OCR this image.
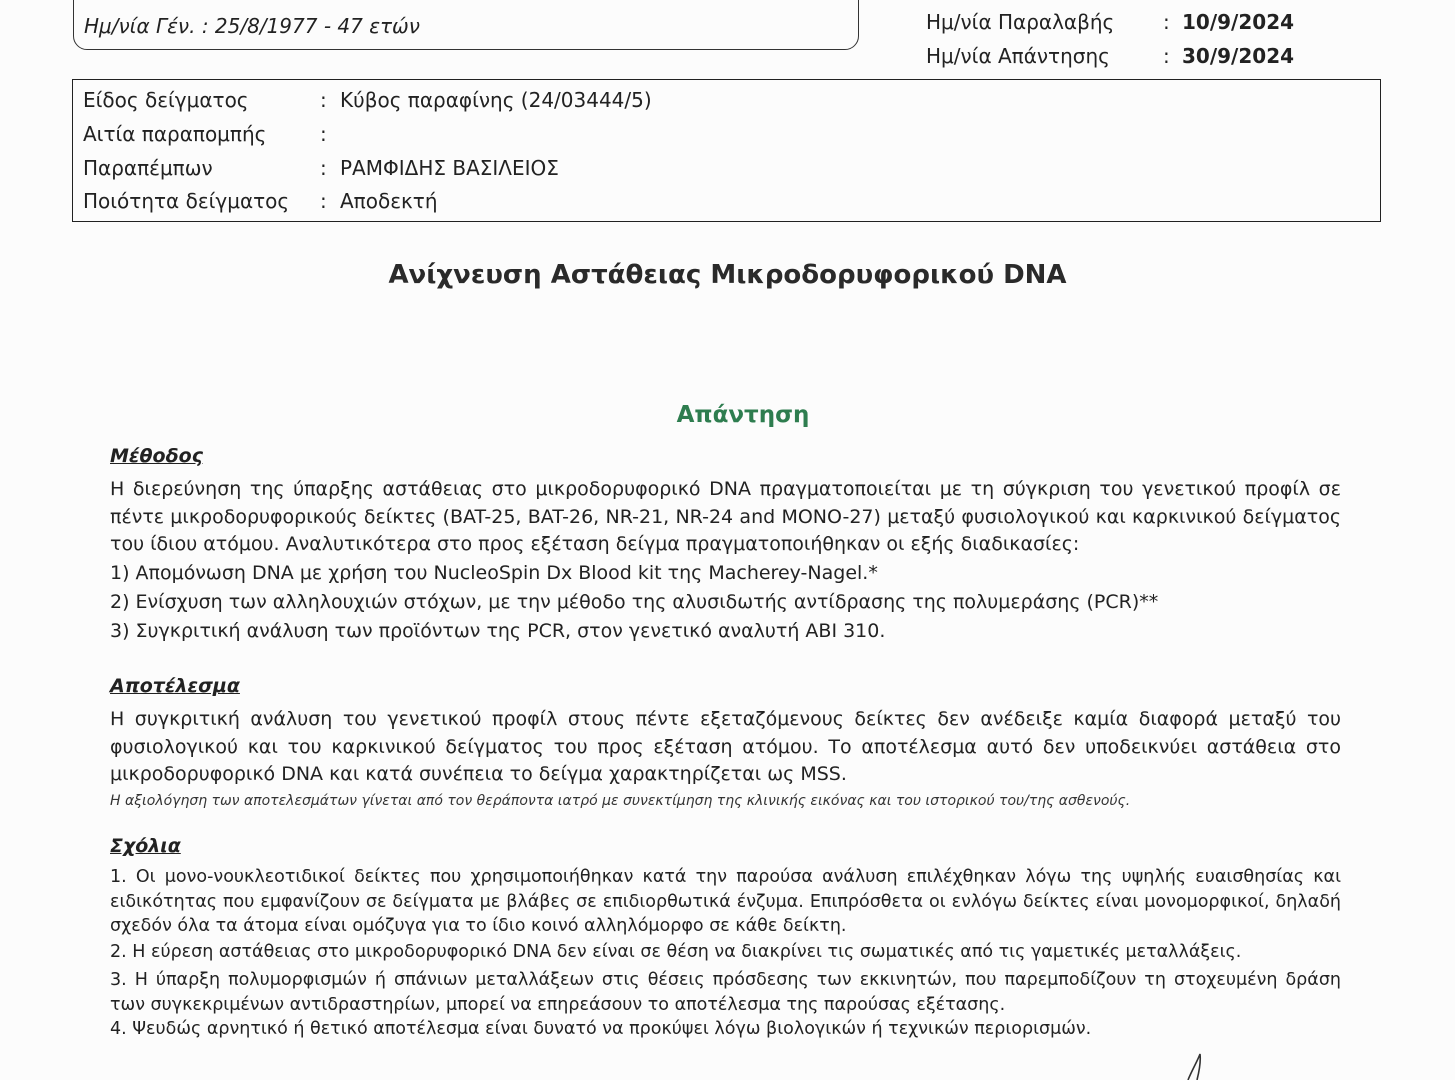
Ημ/νία Γέν. : 25/8/1977 - 47 ετών	Ημ/νία Παραλαβής : 10/9/2024
Ημ/νία Απάντησης	: 30/9/2024
Είδος δείγματος	: Κύβος παραφίνης (24/03444/5)
Αιτία παραπομπής	:
Παραπέμπων	: ΡΑΜΦΙΔΗΣ ΒΑΣΙΛΕΙΟΣ
Ποιότητα δείγματος : Αποδεκτή
Ανίχνευση Αστάθειας Μικροδορυφορικού DNA
Απάντηση
Μέθοδος

Η διερεύνηση της ύπαρξης αστάθειας στο μικροδορυφορικό DNA πραγματοποιείται με τη σύγκριση του γενετικού προφίλ σε πέντε μικροδορυφορικούς δείκτες (BAT-25, BAT-26, NR-21, NR-24 and MONO-27) μεταξύ φυσιολογικού και καρκινικού δείγματος του ίδιου ατόμου. Αναλυτικότερα στο προς εξέταση δείγμα πραγματοποιήθηκαν οι εξής διαδικασίες:

1) Απομόνωση DNA με χρήση του NucleoSpin Dx Blood kit της Macherey-Nagel.*
2) Ενίσχυση των αλληλουχιών στόχων, με την μέθοδο της αλυσιδωτής αντίδρασης της πολυμεράσης (PCR)**
3) Συγκριτική ανάλυση των προϊόντων της PCR, στον γενετικό αναλυτή ABI 310.
Αποτέλεσμα

Η συγκριτική ανάλυση του γενετικού προφίλ στους πέντε εξεταζόμενους δείκτες δεν ανέδειξε καμία διαφορά μεταξύ του φυσιολογικού και του καρκινικού δείγματος του προς εξέταση ατόμου. Το αποτέλεσμα αυτό δεν υποδεικνύει αστάθεια στο μικροδορυφορικό DNA και κατά συνέπεια το δείγμα χαρακτηρίζεται ως MSS.

Η αξιολόγηση των αποτελεσμάτων γίνεται από τον θεράποντα ιατρό με συνεκτίμηση της κλινικής εικόνας και του ιστορικού του/της ασθενούς.
Σχόλια

1. Οι μονο-νουκλεοτιδικοί δείκτες που χρησιμοποιήθηκαν κατά την παρούσα ανάλυση επιλέχθηκαν λόγω της υψηλής ευαισθησίας και ειδικότητας που εμφανίζουν σε δείγματα με βλάβες σε επιδιορθωτικά ένζυμα. Επιπρόσθετα οι ενλόγω δείκτες είναι μονομορφικοί, δηλαδή σχεδόν όλα τα άτομα είναι ομόζυγα για το ίδιο κοινό αλληλόμορφο σε κάθε δείκτη.

2. Η εύρεση αστάθειας στο μικροδορυφορικό DNA δεν είναι σε θέση να διακρίνει τις σωματικές από τις γαμετικές μεταλλάξεις.

3. Η ύπαρξη πολυμορφισμών ή σπάνιων μεταλλάξεων στις θέσεις πρόσδεσης των εκκινητών, που παρεμποδίζουν τη στοχευμένη δράση των συγκεκριμένων αντιδραστηρίων, μπορεί να επηρεάσουν το αποτέλεσμα της παρούσας εξέτασης.

4. Ψευδώς αρνητικό ή θετικό αποτέλεσμα είναι δυνατό να προκύψει λόγω βιολογικών ή τεχνικών περιορισμών.
